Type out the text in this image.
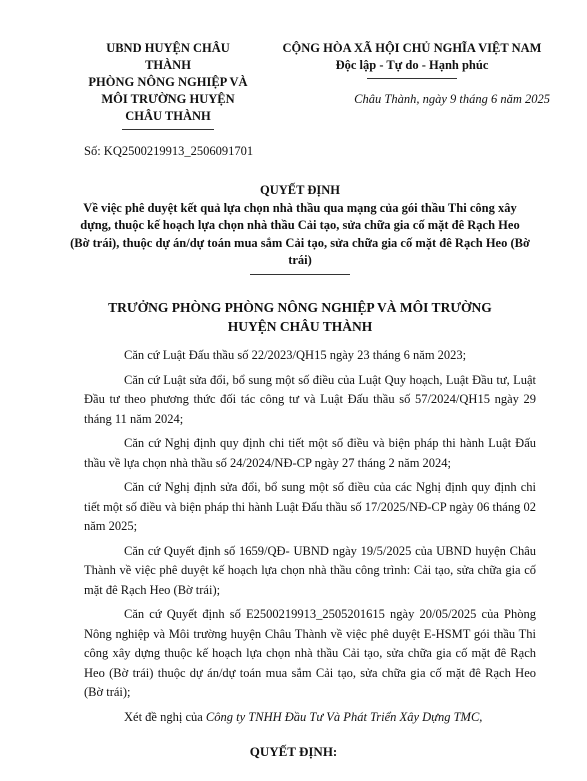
UBND HUYỆN CHÂU
THÀNH
PHÒNG NÔNG NGHIỆP VÀ
MÔI TRƯỜNG HUYỆN
CHÂU THÀNH
CỘNG HÒA XÃ HỘI CHỦ NGHĨA VIỆT NAM
Độc lập - Tự do - Hạnh phúc
Châu Thành, ngày 9 tháng 6 năm 2025
Số: KQ2500219913_2506091701
QUYẾT ĐỊNH
Về việc phê duyệt kết quả lựa chọn nhà thầu qua mạng của gói thầu Thi công xây dựng, thuộc kế hoạch lựa chọn nhà thầu Cải tạo, sửa chữa gia cố mặt đê Rạch Heo (Bờ trái), thuộc dự án/dự toán mua sắm Cải tạo, sửa chữa gia cố mặt đê Rạch Heo (Bờ trái)
TRƯỞNG PHÒNG PHÒNG NÔNG NGHIỆP VÀ MÔI TRƯỜNG
HUYỆN CHÂU THÀNH

Căn cứ Luật Đấu thầu số 22/2023/QH15 ngày 23 tháng 6 năm 2023;

Căn cứ Luật sửa đổi, bổ sung một số điều của Luật Quy hoạch, Luật Đầu tư, Luật Đầu tư theo phương thức đối tác công tư và Luật Đấu thầu số 57/2024/QH15 ngày 29 tháng 11 năm 2024;

Căn cứ Nghị định quy định chi tiết một số điều và biện pháp thi hành Luật Đấu thầu về lựa chọn nhà thầu số 24/2024/NĐ-CP ngày 27 tháng 2 năm 2024;

Căn cứ Nghị định sửa đổi, bổ sung một số điều của các Nghị định quy định chi tiết một số điều và biện pháp thi hành Luật Đấu thầu số 17/2025/NĐ-CP ngày 06 tháng 02 năm 2025;

Căn cứ Quyết định số 1659/QĐ- UBND ngày 19/5/2025 của UBND huyện Châu Thành về việc phê duyệt kế hoạch lựa chọn nhà thầu công trình: Cải tạo, sửa chữa gia cố mặt đê Rạch Heo (Bờ trái);

Căn cứ Quyết định số E2500219913_2505201615 ngày 20/05/2025 của Phòng Nông nghiệp và Môi trường huyện Châu Thành về việc phê duyệt E-HSMT gói thầu Thi công xây dựng thuộc kế hoạch lựa chọn nhà thầu Cải tạo, sửa chữa gia cố mặt đê Rạch Heo (Bờ trái) thuộc dự án/dự toán mua sắm Cải tạo, sửa chữa gia cố mặt đê Rạch Heo (Bờ trái);

Xét đề nghị của Công ty TNHH Đầu Tư Và Phát Triển Xây Dựng TMC,

QUYẾT ĐỊNH:
